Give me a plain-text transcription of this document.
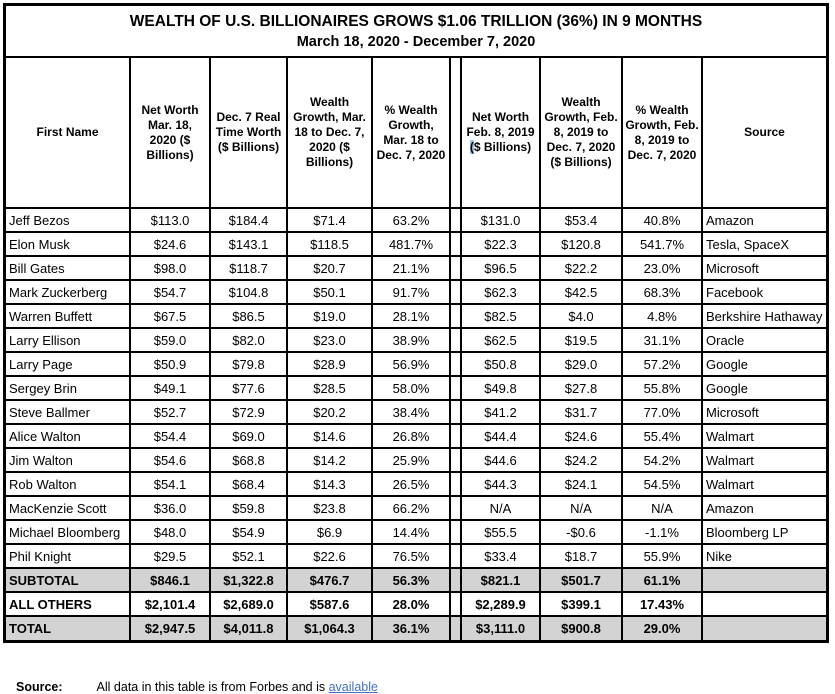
WEALTH OF U.S. BILLIONAIRES GROWS $1.06 TRILLION (36%) IN 9 MONTHS
March 18, 2020 - December 7, 2020
First Name	Net Worth Mar. 18, 2020 ($ Billions)	Dec. 7 Real Time Worth ($ Billions)	Wealth Growth, Mar. 18 to Dec. 7, 2020 ($ Billions)	% Wealth Growth, Mar. 18 to Dec. 7, 2020		Net Worth Feb. 8, 2019 ($ Billions)	Wealth Growth, Feb. 8, 2019 to Dec. 7, 2020 ($ Billions)	% Wealth Growth, Feb. 8, 2019 to Dec. 7, 2020	Source
Jeff Bezos	$113.0	$184.4	$71.4	63.2%		$131.0	$53.4	40.8%	Amazon
Elon Musk	$24.6	$143.1	$118.5	481.7%		$22.3	$120.8	541.7%	Tesla, SpaceX
Bill Gates	$98.0	$118.7	$20.7	21.1%		$96.5	$22.2	23.0%	Microsoft
Mark Zuckerberg	$54.7	$104.8	$50.1	91.7%		$62.3	$42.5	68.3%	Facebook
Warren Buffett	$67.5	$86.5	$19.0	28.1%		$82.5	$4.0	4.8%	Berkshire Hathaway
Larry Ellison	$59.0	$82.0	$23.0	38.9%		$62.5	$19.5	31.1%	Oracle
Larry Page	$50.9	$79.8	$28.9	56.9%		$50.8	$29.0	57.2%	Google
Sergey Brin	$49.1	$77.6	$28.5	58.0%		$49.8	$27.8	55.8%	Google
Steve Ballmer	$52.7	$72.9	$20.2	38.4%		$41.2	$31.7	77.0%	Microsoft
Alice Walton	$54.4	$69.0	$14.6	26.8%		$44.4	$24.6	55.4%	Walmart
Jim Walton	$54.6	$68.8	$14.2	25.9%		$44.6	$24.2	54.2%	Walmart
Rob Walton	$54.1	$68.4	$14.3	26.5%		$44.3	$24.1	54.5%	Walmart
MacKenzie Scott	$36.0	$59.8	$23.8	66.2%		N/A	N/A	N/A	Amazon
Michael Bloomberg	$48.0	$54.9	$6.9	14.4%		$55.5	-$0.6	-1.1%	Bloomberg LP
Phil Knight	$29.5	$52.1	$22.6	76.5%		$33.4	$18.7	55.9%	Nike
SUBTOTAL	$846.1	$1,322.8	$476.7	56.3%		$821.1	$501.7	61.1%	
ALL OTHERS	$2,101.4	$2,689.0	$587.6	28.0%		$2,289.9	$399.1	17.43%	
TOTAL	$2,947.5	$4,011.8	$1,064.3	36.1%		$3,111.0	$900.8	29.0%	
Source:	All data in this table is from Forbes and is available
